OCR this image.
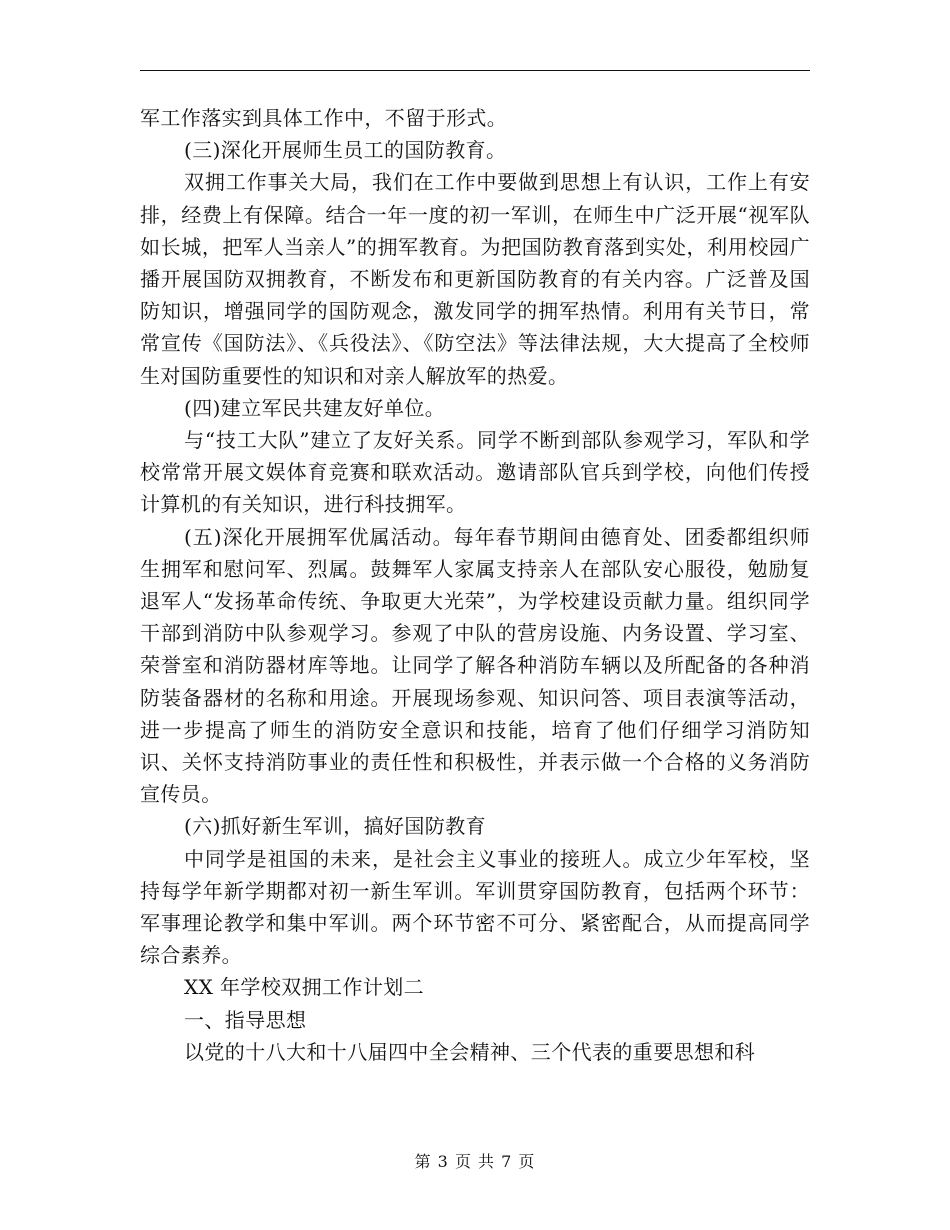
军工作落实到具体工作中，不留于形式。

(三)深化开展师生员工的国防教育。

双拥工作事关大局，我们在工作中要做到思想上有认识，工作上有安排，经费上有保障。结合一年一度的初一军训，在师生中广泛开展“视军队如长城，把军人当亲人”的拥军教育。为把国防教育落到实处，利用校园广播开展国防双拥教育，不断发布和更新国防教育的有关内容。广泛普及国防知识，增强同学的国防观念，激发同学的拥军热情。利用有关节日，常常宣传《国防法》、《兵役法》、《防空法》等法律法规，大大提高了全校师生对国防重要性的知识和对亲人解放军的热爱。

(四)建立军民共建友好单位。

与“技工大队”建立了友好关系。同学不断到部队参观学习，军队和学校常常开展文娱体育竞赛和联欢活动。邀请部队官兵到学校，向他们传授计算机的有关知识，进行科技拥军。

(五)深化开展拥军优属活动。每年春节期间由德育处、团委都组织师生拥军和慰问军、烈属。鼓舞军人家属支持亲人在部队安心服役，勉励复退军人“发扬革命传统、争取更大光荣”，为学校建设贡献力量。组织同学干部到消防中队参观学习。参观了中队的营房设施、内务设置、学习室、荣誉室和消防器材库等地。让同学了解各种消防车辆以及所配备的各种消防装备器材的名称和用途。开展现场参观、知识问答、项目表演等活动，进一步提高了师生的消防安全意识和技能，培育了他们仔细学习消防知识、关怀支持消防事业的责任性和积极性，并表示做一个合格的义务消防宣传员。

(六)抓好新生军训，搞好国防教育

中同学是祖国的未来，是社会主义事业的接班人。成立少年军校，坚持每学年新学期都对初一新生军训。军训贯穿国防教育，包括两个环节：军事理论教学和集中军训。两个环节密不可分、紧密配合，从而提高同学综合素养。

XX 年学校双拥工作计划二

一、指导思想

以党的十八大和十八届四中全会精神、三个代表的重要思想和科

第 3 页 共 7 页
